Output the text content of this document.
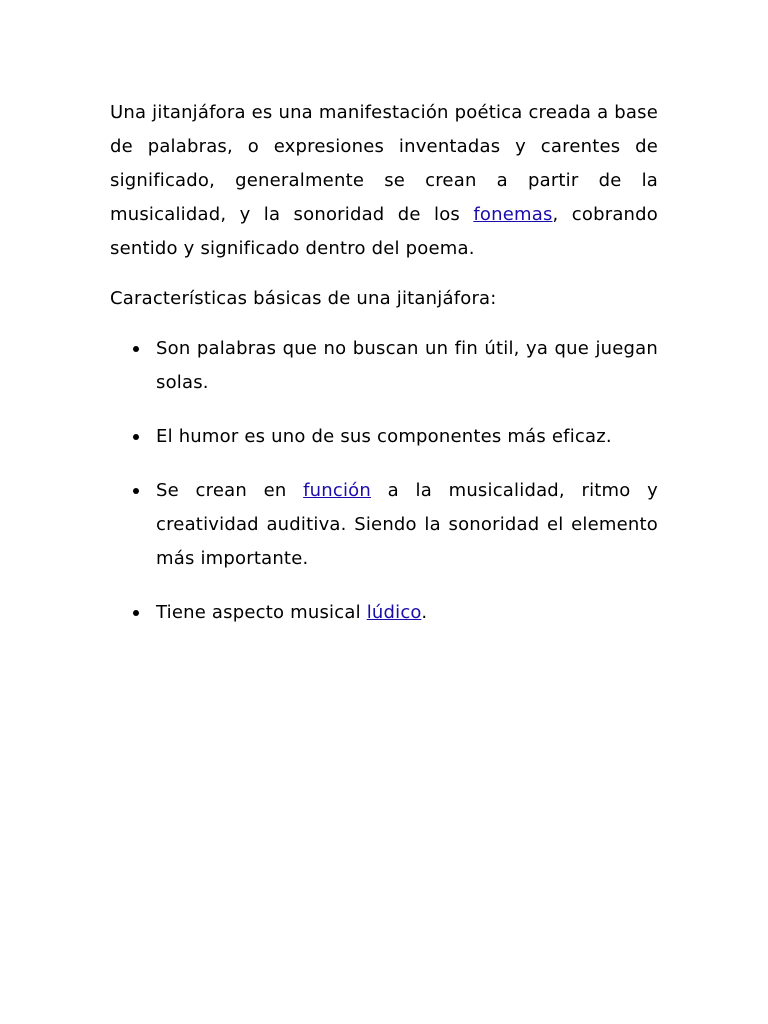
Una jitanjáfora es una manifestación poética creada a base de palabras, o expresiones inventadas y carentes de significado, generalmente se crean a partir de la musicalidad, y la sonoridad de los fonemas, cobrando sentido y significado dentro del poema.

Características básicas de una jitanjáfora:

Son palabras que no buscan un fin útil, ya que juegan solas.
El humor es uno de sus componentes más eficaz.
Se crean en función a la musicalidad, ritmo y creatividad auditiva. Siendo la sonoridad el elemento más importante.
Tiene aspecto musical lúdico.
